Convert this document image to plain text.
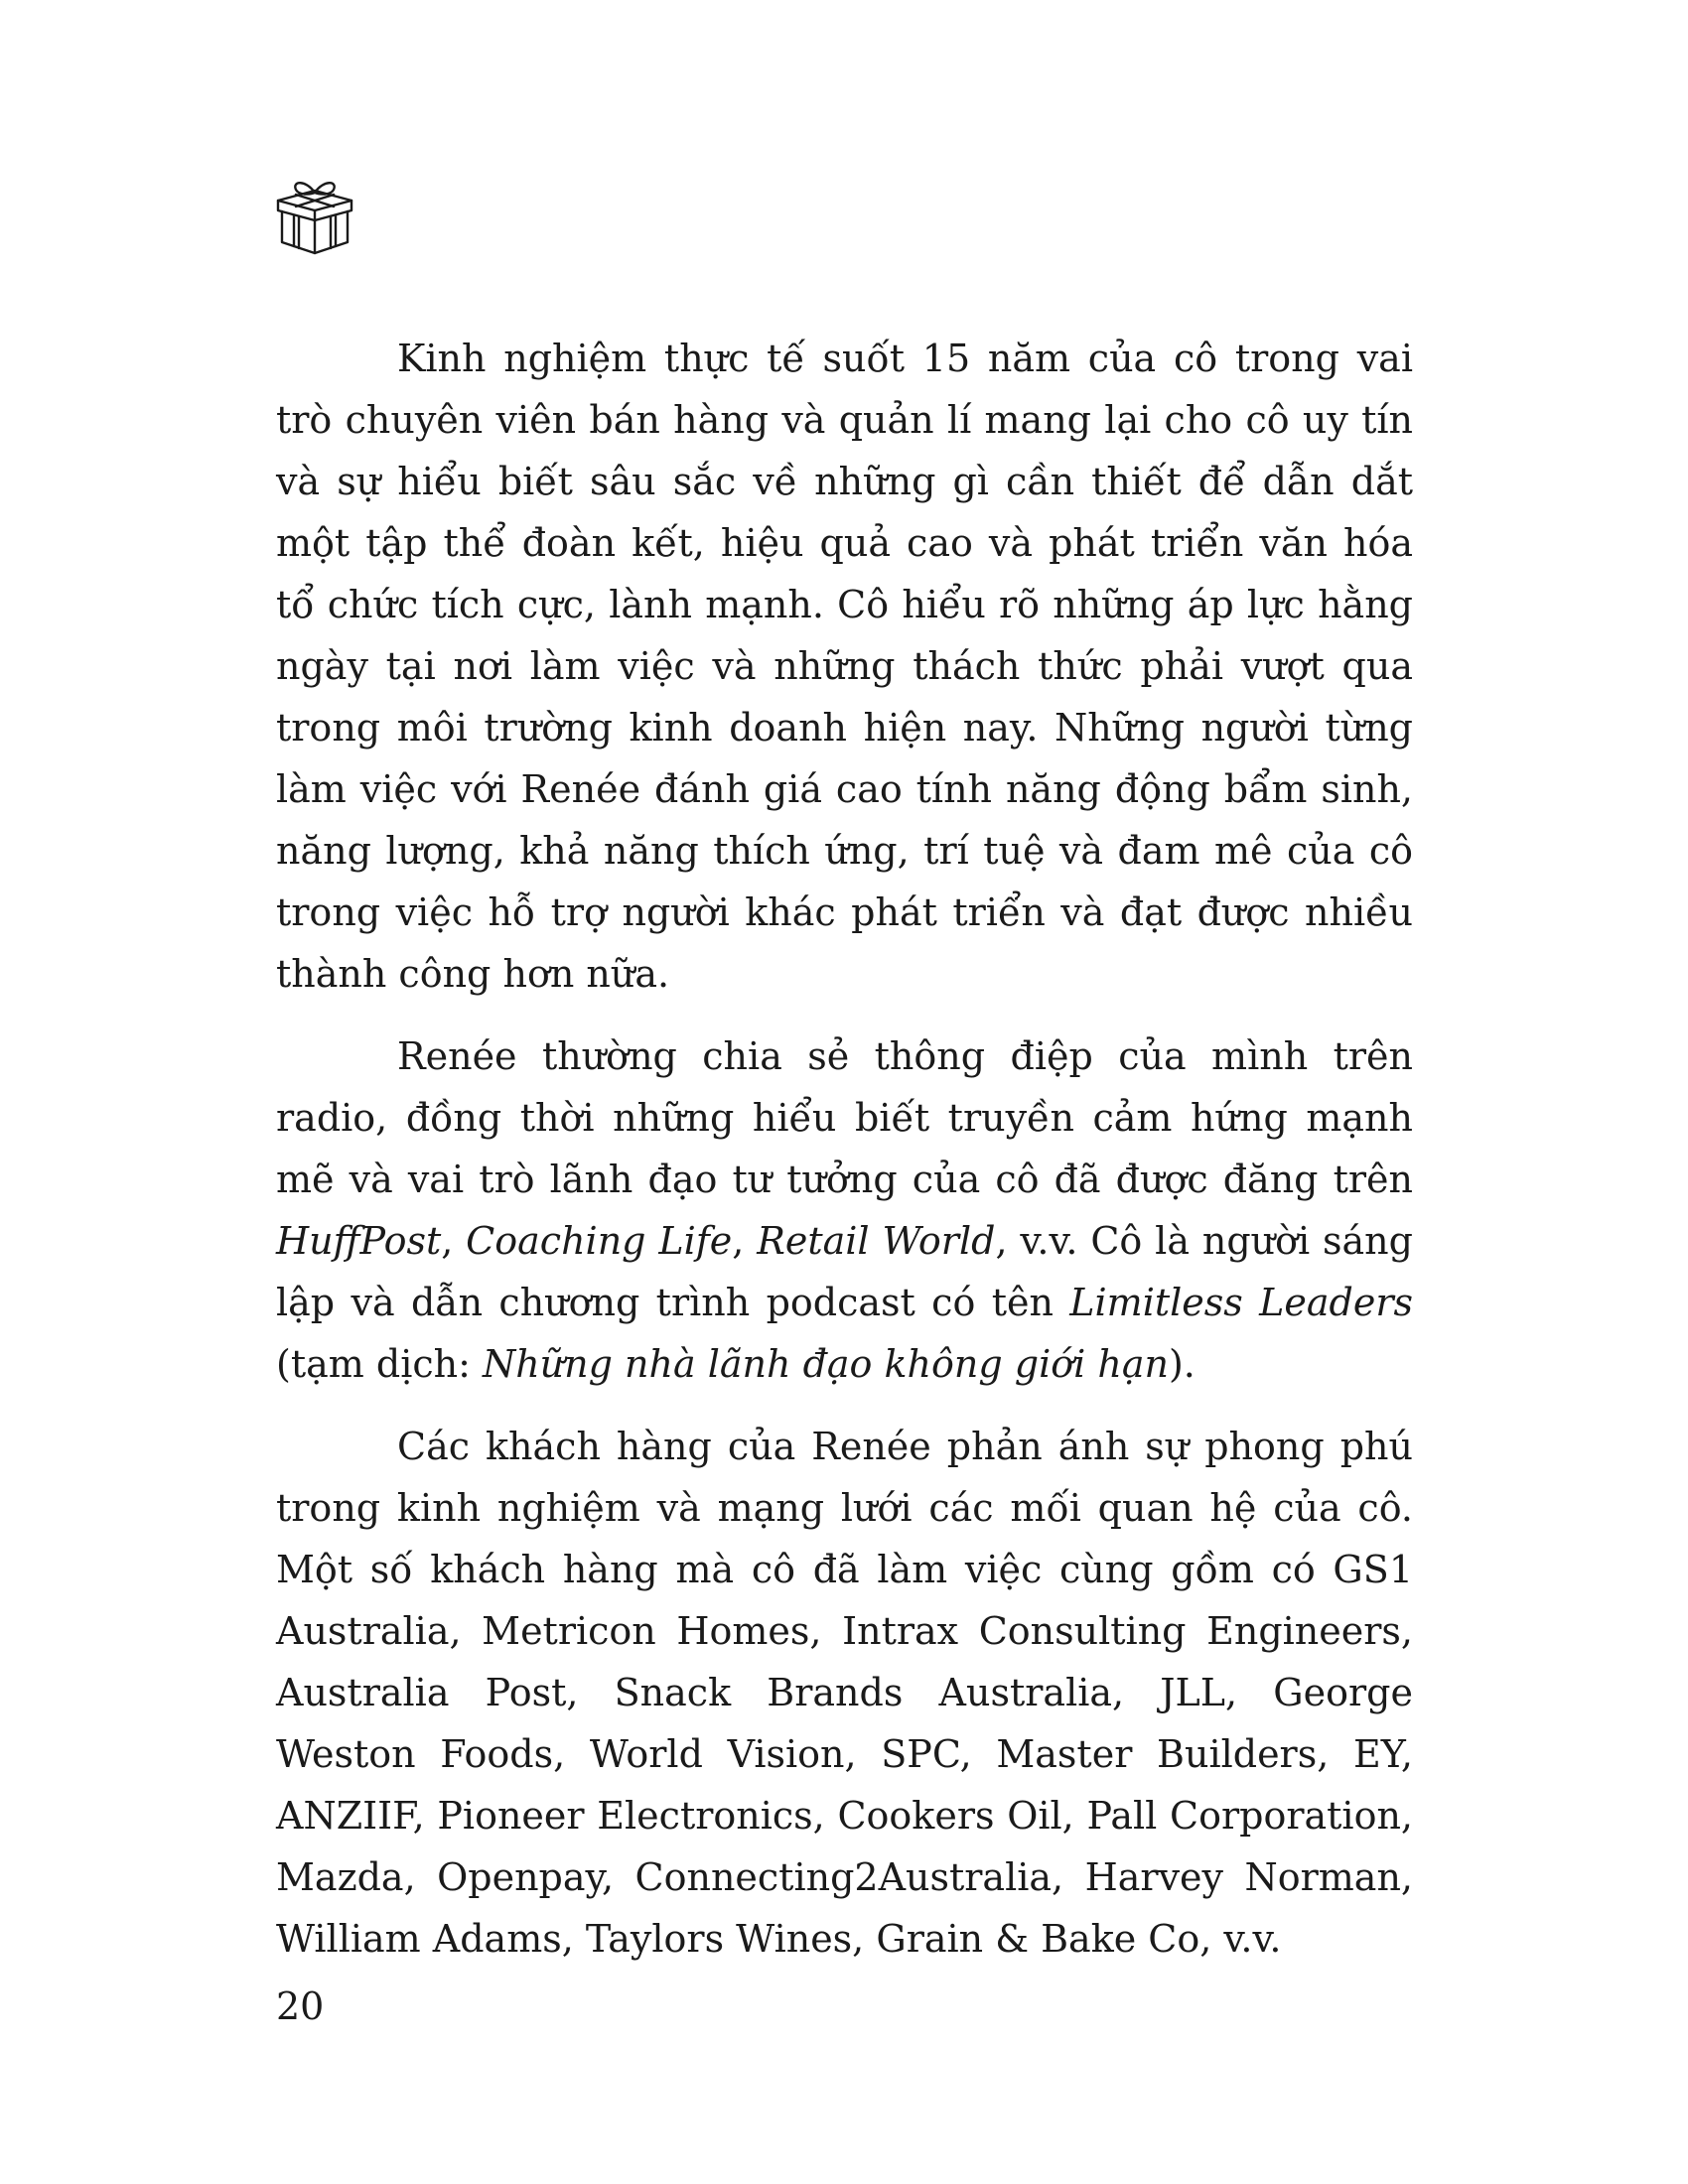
Kinh nghiệm thực tế suốt 15 năm của cô trong vai trò chuyên viên bán hàng và quản lí mang lại cho cô uy tín và sự hiểu biết sâu sắc về những gì cần thiết để dẫn dắt một tập thể đoàn kết, hiệu quả cao và phát triển văn hóa tổ chức tích cực, lành mạnh. Cô hiểu rõ những áp lực hằng ngày tại nơi làm việc và những thách thức phải vượt qua trong môi trường kinh doanh hiện nay. Những người từng làm việc với Renée đánh giá cao tính năng động bẩm sinh, năng lượng, khả năng thích ứng, trí tuệ và đam mê của cô trong việc hỗ trợ người khác phát triển và đạt được nhiều thành công hơn nữa.

Renée thường chia sẻ thông điệp của mình trên radio, đồng thời những hiểu biết truyền cảm hứng mạnh mẽ và vai trò lãnh đạo tư tưởng của cô đã được đăng trên HuffPost, Coaching Life, Retail World, v.v. Cô là người sáng lập và dẫn chương trình podcast có tên Limitless Leaders (tạm dịch: Những nhà lãnh đạo không giới hạn).

Các khách hàng của Renée phản ánh sự phong phú trong kinh nghiệm và mạng lưới các mối quan hệ của cô. Một số khách hàng mà cô đã làm việc cùng gồm có GS1 Australia, Metricon Homes, Intrax Consulting Engineers, Australia Post, Snack Brands Australia, JLL, George Weston Foods, World Vision, SPC, Master Builders, EY, ANZIIF, Pioneer Electronics, Cookers Oil, Pall Corporation, Mazda, Openpay, Connecting2Australia, Harvey Norman, William Adams, Taylors Wines, Grain & Bake Co, v.v.

20
